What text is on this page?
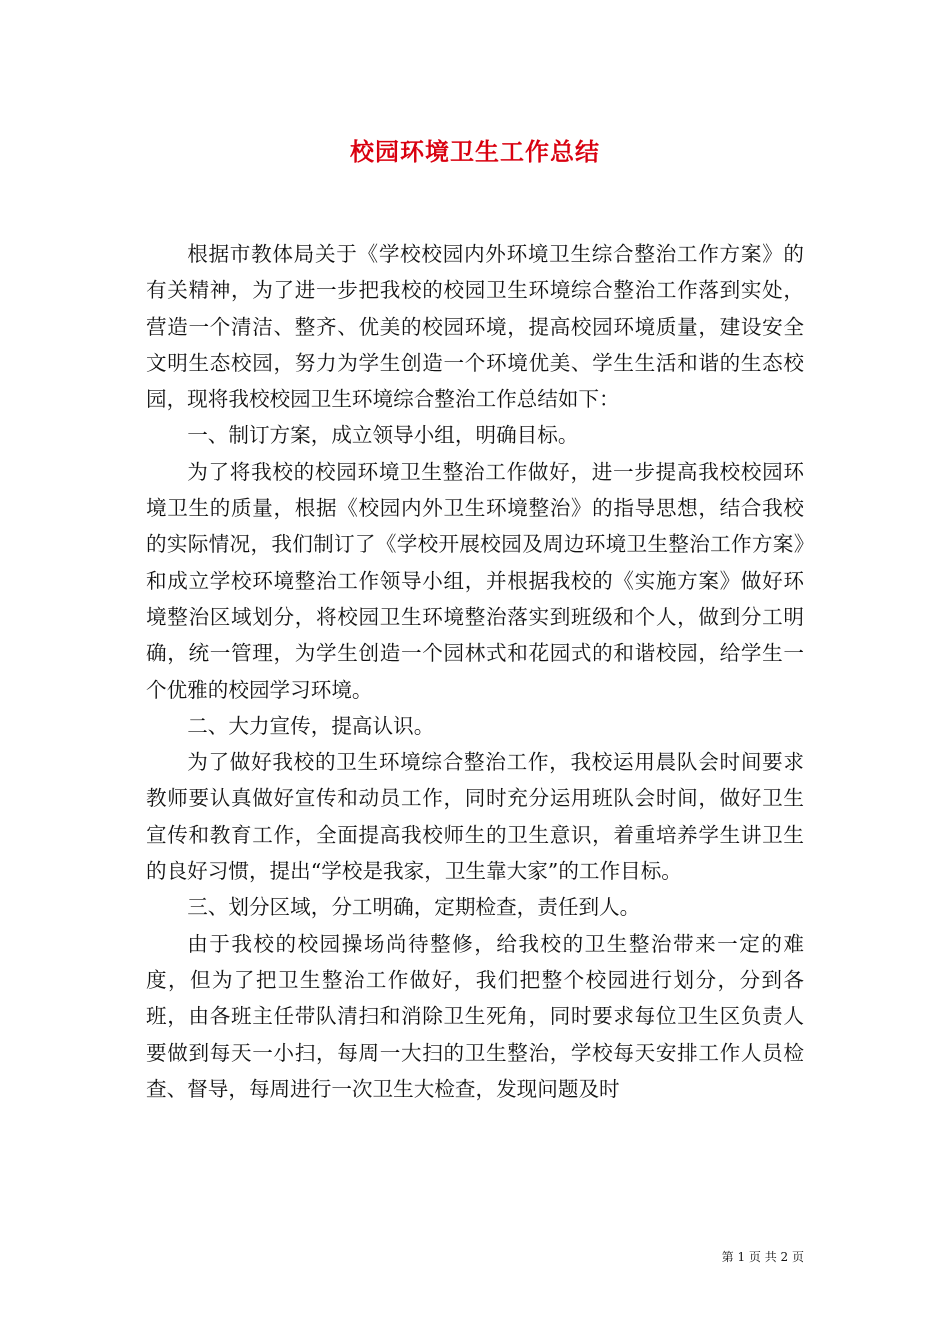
校园环境卫生工作总结

根据市教体局关于《学校校园内外环境卫生综合整治工作方案》的有关精神，为了进一步把我校的校园卫生环境综合整治工作落到实处，营造一个清洁、整齐、优美的校园环境，提高校园环境质量，建设安全文明生态校园，努力为学生创造一个环境优美、学生生活和谐的生态校园，现将我校校园卫生环境综合整治工作总结如下：

一、制订方案，成立领导小组，明确目标。

为了将我校的校园环境卫生整治工作做好，进一步提高我校校园环境卫生的质量，根据《校园内外卫生环境整治》的指导思想，结合我校的实际情况，我们制订了《学校开展校园及周边环境卫生整治工作方案》和成立学校环境整治工作领导小组，并根据我校的《实施方案》做好环境整治区域划分，将校园卫生环境整治落实到班级和个人，做到分工明确，统一管理，为学生创造一个园林式和花园式的和谐校园，给学生一个优雅的校园学习环境。

二、大力宣传，提高认识。

为了做好我校的卫生环境综合整治工作，我校运用晨队会时间要求教师要认真做好宣传和动员工作，同时充分运用班队会时间，做好卫生宣传和教育工作，全面提高我校师生的卫生意识，着重培养学生讲卫生的良好习惯，提出“学校是我家，卫生靠大家”的工作目标。

三、划分区域，分工明确，定期检查，责任到人。

由于我校的校园操场尚待整修，给我校的卫生整治带来一定的难度，但为了把卫生整治工作做好，我们把整个校园进行划分，分到各班，由各班主任带队清扫和消除卫生死角，同时要求每位卫生区负责人要做到每天一小扫，每周一大扫的卫生整治，学校每天安排工作人员检查、督导，每周进行一次卫生大检查，发现问题及时

第 1 页 共 2 页
